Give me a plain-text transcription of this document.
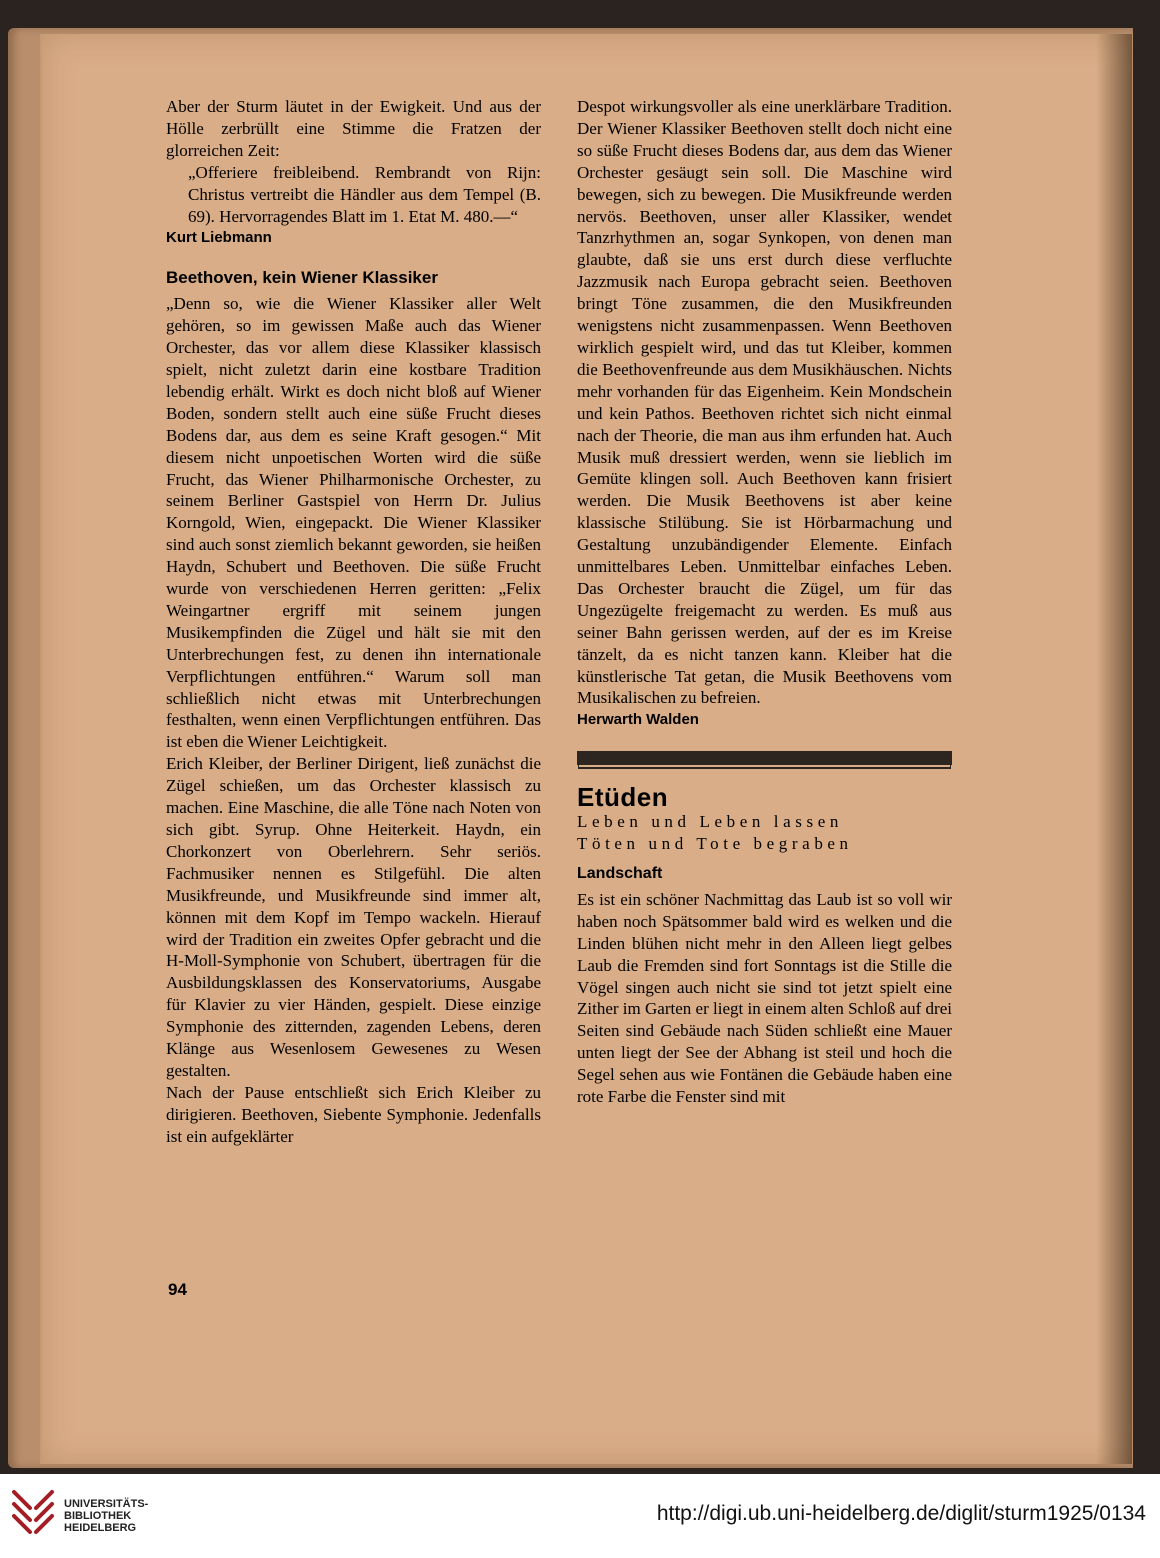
Aber der Sturm läutet in der Ewigkeit. Und aus der Hölle zerbrüllt eine Stimme die Fratzen der glorreichen Zeit:

„Offeriere freibleibend. Rembrandt von Rijn: Christus vertreibt die Händler aus dem Tempel (B. 69). Hervorragendes Blatt im 1. Etat M. 480.—“

Kurt Liebmann

Beethoven, kein Wiener Klassiker

„Denn so, wie die Wiener Klassiker aller Welt gehören, so im gewissen Maße auch das Wiener Orchester, das vor allem diese Klassiker klassisch spielt, nicht zuletzt darin eine kostbare Tradition lebendig erhält. Wirkt es doch nicht bloß auf Wiener Boden, sondern stellt auch eine süße Frucht dieses Bodens dar, aus dem es seine Kraft gesogen.“ Mit diesem nicht unpoetischen Worten wird die süße Frucht, das Wiener Philharmonische Orchester, zu seinem Berliner Gastspiel von Herrn Dr. Julius Korngold, Wien, eingepackt. Die Wiener Klassiker sind auch sonst ziemlich bekannt geworden, sie heißen Haydn, Schubert und Beethoven. Die süße Frucht wurde von verschiedenen Herren geritten: „Felix Weingartner ergriff mit seinem jungen Musikempfinden die Zügel und hält sie mit den Unterbrechungen fest, zu denen ihn internationale Verpflichtungen entführen.“ Warum soll man schließlich nicht etwas mit Unterbrechungen festhalten, wenn einen Verpflichtungen entführen. Das ist eben die Wiener Leichtigkeit.

Erich Kleiber, der Berliner Dirigent, ließ zunächst die Zügel schießen, um das Orchester klassisch zu machen. Eine Maschine, die alle Töne nach Noten von sich gibt. Syrup. Ohne Heiterkeit. Haydn, ein Chorkonzert von Oberlehrern. Sehr seriös. Fachmusiker nennen es Stilgefühl. Die alten Musikfreunde, und Musikfreunde sind immer alt, können mit dem Kopf im Tempo wackeln. Hierauf wird der Tradition ein zweites Opfer gebracht und die H-Moll-Symphonie von Schubert, übertragen für die Ausbildungsklassen des Konservatoriums, Ausgabe für Klavier zu vier Händen, gespielt. Diese einzige Symphonie des zitternden, zagenden Lebens, deren Klänge aus Wesenlosem Gewesenes zu Wesen gestalten.

Nach der Pause entschließt sich Erich Kleiber zu dirigieren. Beethoven, Siebente Symphonie. Jedenfalls ist ein aufgeklärter

Despot wirkungsvoller als eine unerklärbare Tradition. Der Wiener Klassiker Beethoven stellt doch nicht eine so süße Frucht dieses Bodens dar, aus dem das Wiener Orchester gesäugt sein soll. Die Maschine wird bewegen, sich zu bewegen. Die Musikfreunde werden nervös. Beethoven, unser aller Klassiker, wendet Tanzrhythmen an, sogar Synkopen, von denen man glaubte, daß sie uns erst durch diese verfluchte Jazzmusik nach Europa gebracht seien. Beethoven bringt Töne zusammen, die den Musikfreunden wenigstens nicht zusammenpassen. Wenn Beethoven wirklich gespielt wird, und das tut Kleiber, kommen die Beethovenfreunde aus dem Musikhäuschen. Nichts mehr vorhanden für das Eigenheim. Kein Mondschein und kein Pathos. Beethoven richtet sich nicht einmal nach der Theorie, die man aus ihm erfunden hat. Auch Musik muß dressiert werden, wenn sie lieblich im Gemüte klingen soll. Auch Beethoven kann frisiert werden. Die Musik Beethovens ist aber keine klassische Stilübung. Sie ist Hörbarmachung und Gestaltung unzubändigender Elemente. Einfach unmittelbares Leben. Unmittelbar einfaches Leben. Das Orchester braucht die Zügel, um für das Ungezügelte freigemacht zu werden. Es muß aus seiner Bahn gerissen werden, auf der es im Kreise tänzelt, da es nicht tanzen kann. Kleiber hat die künstlerische Tat getan, die Musik Beethovens vom Musikalischen zu befreien.

Herwarth Walden

Etüden

Leben und Leben lassen

Töten und Tote begraben

Landschaft

Es ist ein schöner Nachmittag das Laub ist so voll wir haben noch Spätsommer bald wird es welken und die Linden blühen nicht mehr in den Alleen liegt gelbes Laub die Fremden sind fort Sonntags ist die Stille die Vögel singen auch nicht sie sind tot jetzt spielt eine Zither im Garten er liegt in einem alten Schloß auf drei Seiten sind Gebäude nach Süden schließt eine Mauer unten liegt der See der Abhang ist steil und hoch die Segel sehen aus wie Fontänen die Gebäude haben eine rote Farbe die Fenster sind mit

94
UNIVERSITÄTS-
BIBLIOTHEK
HEIDELBERG
http://digi.ub.uni-heidelberg.de/diglit/sturm1925/0134
